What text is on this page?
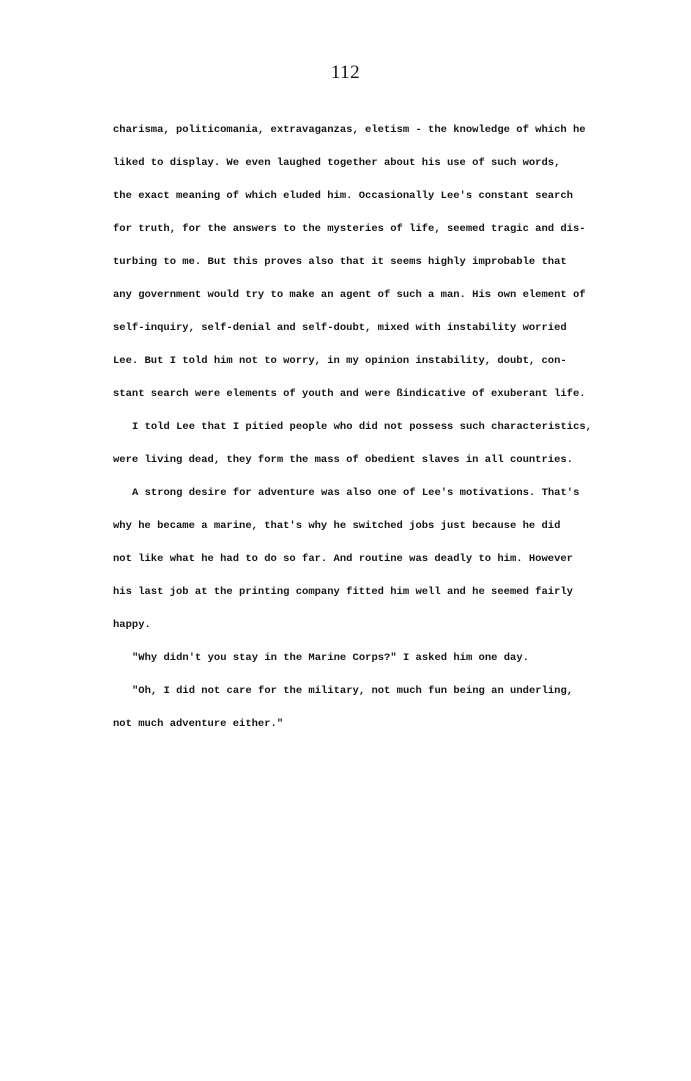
112
charisma, politicomania, extravaganzas, eletism - the knowledge of which he
liked to display. We even laughed together about his use of such words,
the exact meaning of which eluded him. Occasionally Lee's constant search
for truth, for the answers to the mysteries of life, seemed tragic and dis-
turbing to me. But this proves also that it seems highly improbable that
any government would try to make an agent of such a man. His own element of
self-inquiry, self-denial and self-doubt, mixed with instability worried
Lee. But I told him not to worry, in my opinion instability, doubt, con-
stant search were elements of youth and were ßindicative of exuberant life.
I told Lee that I pitied people who did not possess such characteristics,
were living dead, they form the mass of obedient slaves in all countries.
A strong desire for adventure was also one of Lee's motivations. That's
why he became a marine, that's why he switched jobs just because he did
not like what he had to do so far. And routine was deadly to him. However
his last job at the printing company fitted him well and he seemed fairly
happy.
"Why didn't you stay in the Marine Corps?" I asked him one day.
"Oh, I did not care for the military, not much fun being an underling,
not much adventure either."
